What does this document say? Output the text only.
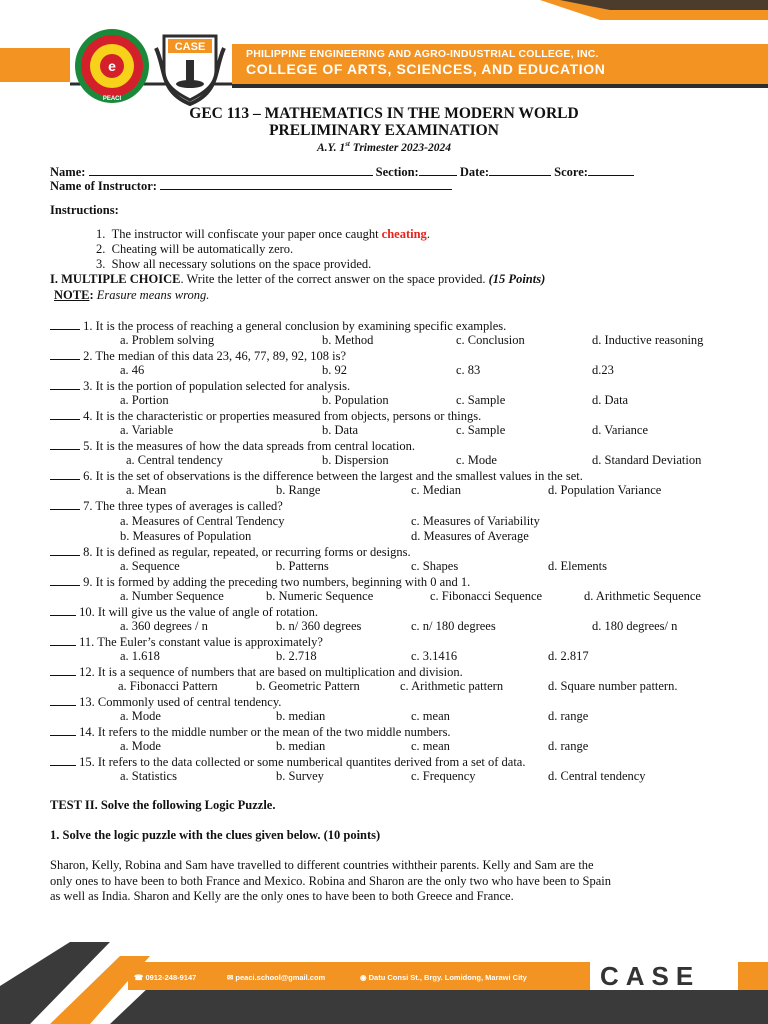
e
PEACI
CASE
PHILIPPINE ENGINEERING AND AGRO-INDUSTRIAL COLLEGE, INC.
COLLEGE OF ARTS, SCIENCES, AND EDUCATION
GEC 113 – MATHEMATICS IN THE MODERN WORLD
PRELIMINARY EXAMINATION
A.Y. 1st Trimester 2023-2024
Name:	Section:	Date:	Score:
Name of Instructor:
Instructions:
1. The instructor will confiscate your paper once caught cheating.
2. Cheating will be automatically zero.
3. Show all necessary solutions on the space provided.
I. MULTIPLE CHOICE. Write the letter of the correct answer on the space provided. (15 Points)
NOTE: Erasure means wrong.
1. It is the process of reaching a general conclusion by examining specific examples.
a. Problem solving	b. Method	c. Conclusion	d. Inductive reasoning
2. The median of this data 23, 46, 77, 89, 92, 108 is?
a. 46	b. 92	c. 83	d.23
3. It is the portion of population selected for analysis.
a. Portion	b. Population	c. Sample	d. Data
4. It is the characteristic or properties measured from objects, persons or things.
a. Variable	b. Data	c. Sample	d. Variance
5. It is the measures of how the data spreads from central location.
a. Central tendency	b. Dispersion	c. Mode	d. Standard Deviation
6. It is the set of observations is the difference between the largest and the smallest values in the set.
a. Mean	b. Range	c. Median	d. Population Variance
7. The three types of averages is called?
a. Measures of Central Tendency	c. Measures of Variability
b. Measures of Population	d. Measures of Average
8. It is defined as regular, repeated, or recurring forms or designs.
a. Sequence	b. Patterns	c. Shapes	d. Elements
9. It is formed by adding the preceding two numbers, beginning with 0 and 1.
a. Number Sequence	b. Numeric Sequence	c. Fibonacci Sequence	d. Arithmetic Sequence
10. It will give us the value of angle of rotation.
a. 360 degrees / n	b. n/ 360 degrees	c. n/ 180 degrees	d. 180 degrees/ n
11. The Euler’s constant value is approximately?
a. 1.618	b. 2.718	c. 3.1416	d. 2.817
12. It is a sequence of numbers that are based on multiplication and division.
a. Fibonacci Pattern	b. Geometric Pattern	c. Arithmetic pattern	d. Square number pattern.
13. Commonly used of central tendency.
a. Mode	b. median	c. mean	d. range
14. It refers to the middle number or the mean of the two middle numbers.
a. Mode	b. median	c. mean	d. range
15. It refers to the data collected or some numberical quantites derived from a set of data.
a. Statistics	b. Survey	c. Frequency	d. Central tendency
TEST II. Solve the following Logic Puzzle.
1. Solve the logic puzzle with the clues given below. (10 points)
Sharon, Kelly, Robina and Sam have travelled to different countries withtheir parents. Kelly and Sam are the
only ones to have been to both France and Mexico. Robina and Sharon are the only two who have been to Spain
as well as India. Sharon and Kelly are the only ones to have been to both Greece and France.
☎ 0912-248-9147	✉ peaci.school@gmail.com	◉ Datu Consi St., Brgy. Lomidong, Marawi City	CASE
